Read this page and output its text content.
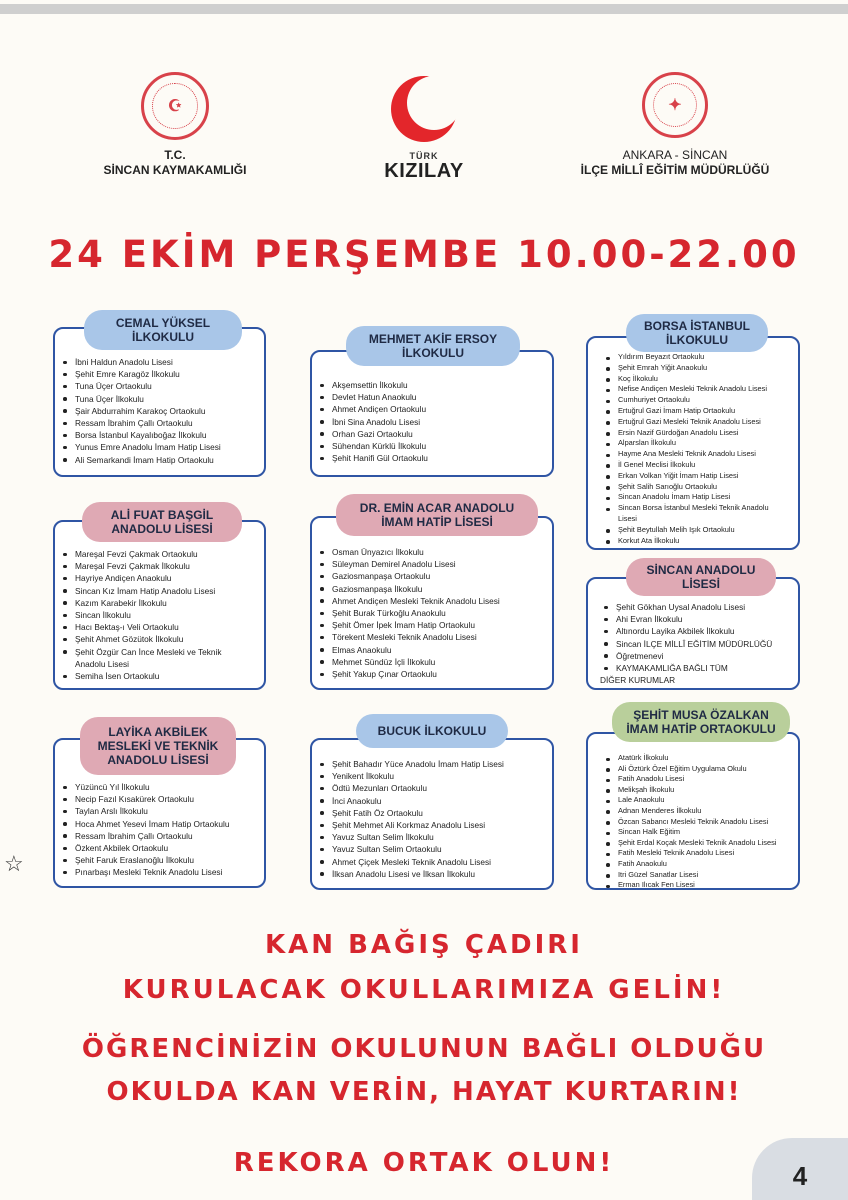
☪
T.C.
SİNCAN KAYMAKAMLIĞI
TÜRK
KIZILAY
✦
ANKARA - SİNCAN
İLÇE MİLLÎ EĞİTİM MÜDÜRLÜĞÜ
24 EKİM PERŞEMBE 10.00-22.00
İbni Haldun Anadolu Lisesi
Şehit Emre Karagöz İlkokulu
Tuna Üçer Ortaokulu
Tuna Üçer İlkokulu
Şair Abdurrahim Karakoç Ortaokulu
Ressam İbrahim Çallı Ortaokulu
Borsa İstanbul Kayalıboğaz İlkokulu
Yunus Emre Anadolu İmam Hatip Lisesi
Ali Semarkandi İmam Hatip Ortaokulu
CEMAL YÜKSEL İLKOKULU
Akşemsettin İlkokulu
Devlet Hatun Anaokulu
Ahmet Andiçen Ortaokulu
İbni Sina Anadolu Lisesi
Orhan Gazi Ortaokulu
Sühendan Kürklü İlkokulu
Şehit Hanifi Gül Ortaokulu
MEHMET AKİF ERSOY İLKOKULU	Yıldırım Beyazıt Ortaokulu
Şehit Emrah Yiğit Anaokulu
Koç İlkokulu
Nefise Andiçen Mesleki Teknik Anadolu Lisesi
Cumhuriyet Ortaokulu
Ertuğrul Gazi İmam Hatip Ortaokulu
Ertuğrul Gazi Mesleki Teknik Anadolu Lisesi
Ersin Nazif Gürdoğan Anadolu Lisesi
Alparslan İlkokulu
Hayme Ana Mesleki Teknik Anadolu Lisesi
İl Genel Meclisi İlkokulu
Erkan Volkan Yiğit İmam Hatip Lisesi
Şehit Salih Sarıoğlu Ortaokulu
Sincan Anadolu İmam Hatip Lisesi
Sincan Borsa İstanbul Mesleki Teknik Anadolu Lisesi
Şehit Beytullah Melih Işık Ortaokulu
Korkut Ata İlkokulu
BORSA İSTANBUL İLKOKULU
Mareşal Fevzi Çakmak Ortaokulu
Mareşal Fevzi Çakmak İlkokulu
Hayriye Andiçen Anaokulu
Sincan Kız İmam Hatip Anadolu Lisesi
Kazım Karabekir İlkokulu
Sincan İlkokulu
Hacı Bektaş-ı Veli Ortaokulu
Şehit Ahmet Gözütok İlkokulu
Şehit Özgür Can İnce Mesleki ve Teknik Anadolu Lisesi
Semiha İsen Ortaokulu
ALİ FUAT BAŞGİL ANADOLU LİSESİ
Osman Ünyazıcı İlkokulu
Süleyman Demirel Anadolu Lisesi
Gaziosmanpaşa Ortaokulu
Gaziosmanpaşa İlkokulu
Ahmet Andiçen Mesleki Teknik Anadolu Lisesi
Şehit Burak Türkoğlu Anaokulu
Şehit Ömer İpek İmam Hatip Ortaokulu
Törekent Mesleki Teknik Anadolu Lisesi
Elmas Anaokulu
Mehmet Sündüz İçli İlkokulu
Şehit Yakup Çınar Ortaokulu
DR. EMİN ACAR ANADOLU İMAM HATİP LİSESİ
Şehit Gökhan Uysal Anadolu Lisesi
Ahi Evran İlkokulu
Altınordu Layika Akbilek İlkokulu
Sincan İLÇE MİLLÎ EĞİTİM MÜDÜRLÜĞÜ
Öğretmenevi
KAYMAKAMLIĞA BAĞLI TÜM
DİĞER KURUMLAR
SİNCAN ANADOLU LİSESİ
Yüzüncü Yıl İlkokulu
Necip Fazıl Kısakürek Ortaokulu
Taylan Arslı İlkokulu
Hoca Ahmet Yesevi İmam Hatip Ortaokulu
Ressam İbrahim Çallı Ortaokulu
Özkent Akbilek Ortaokulu
Şehit Faruk Eraslanoğlu İlkokulu
Pınarbaşı Mesleki Teknik Anadolu Lisesi
LAYİKA AKBİLEK MESLEKİ VE TEKNİK ANADOLU LİSESİ	Şehit Bahadır Yüce Anadolu İmam Hatip Lisesi
Yenikent İlkokulu
Ödtü Mezunları Ortaokulu
İnci Anaokulu
Şehit Fatih Öz Ortaokulu
Şehit Mehmet Ali Korkmaz Anadolu Lisesi
Yavuz Sultan Selim İlkokulu
Yavuz Sultan Selim Ortaokulu
Ahmet Çiçek Mesleki Teknik Anadolu Lisesi
İlksan Anadolu Lisesi ve İlksan İlkokulu
BUCUK İLKOKULU
Atatürk İlkokulu
Ali Öztürk Özel Eğitim Uygulama Okulu
Fatih Anadolu Lisesi
Melikşah İlkokulu
Lale Anaokulu
Adnan Menderes İlkokulu
Özcan Sabancı Mesleki Teknik Anadolu Lisesi
Sincan Halk Eğitim
Şehit Erdal Koçak Mesleki Teknik Anadolu Lisesi
Fatih Mesleki Teknik Anadolu Lisesi
Fatih Anaokulu
Itri Güzel Sanatlar Lisesi
Erman Ilıcak Fen Lisesi
ŞEHİT MUSA ÖZALKAN İMAM HATİP ORTAOKULU
☆
KAN BAĞIŞ ÇADIRI
KURULACAK OKULLARIMIZA GELİN!
ÖĞRENCİNİZİN OKULUNUN BAĞLI OLDUĞU
OKULDA KAN VERİN, HAYAT KURTARIN!
REKORA ORTAK OLUN!	4
